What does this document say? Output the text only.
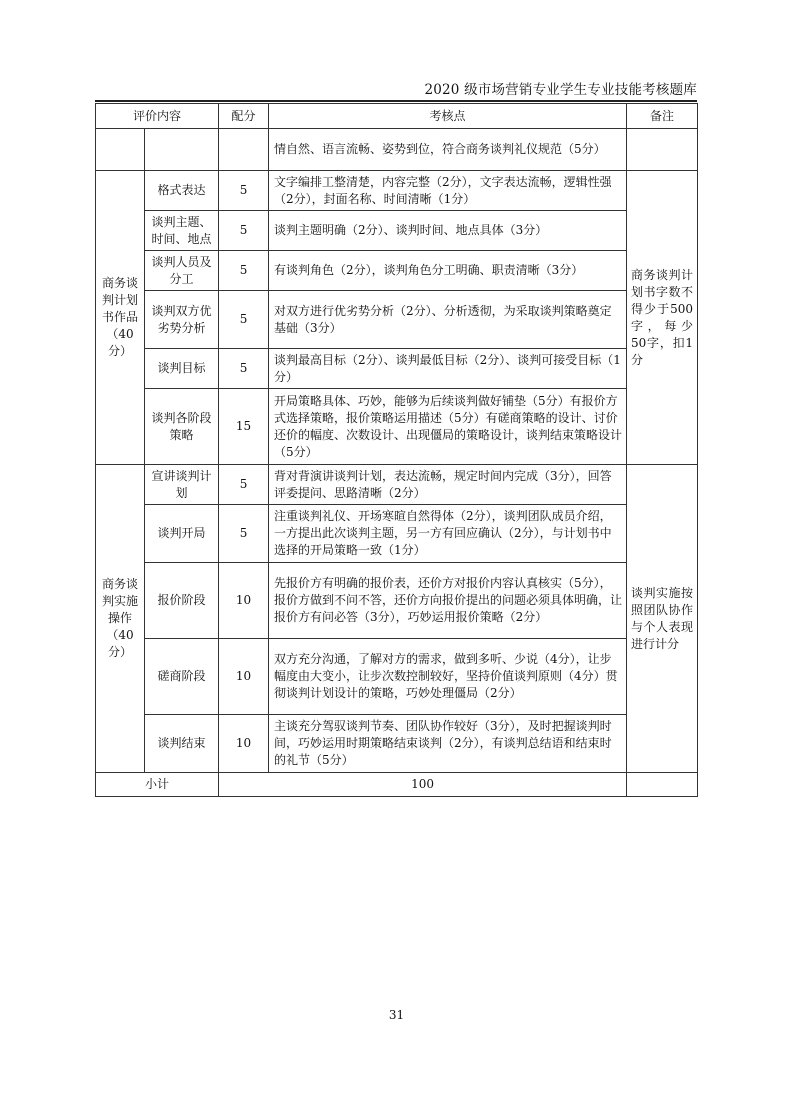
2020 级市场营销专业学生专业技能考核题库
评价内容		配分	考核点	备注
			情自然、语言流畅、姿势到位，符合商务谈判礼仪规范（5分）	
商务谈判计划书作品（40分）	格式表达	5	文字编排工整清楚，内容完整（2分），文字表达流畅，逻辑性强（2分），封面名称、时间清晰（1分）	商务谈判计划书字数不得少于500字，每少50字，扣1分
	谈判主题、时间、地点	5	谈判主题明确（2分）、谈判时间、地点具体（3分）	
	谈判人员及分工	5	有谈判角色（2分），谈判角色分工明确、职责清晰（3分）	
	谈判双方优劣势分析	5	对双方进行优劣势分析（2分）、分析透彻，为采取谈判策略奠定基础（3分）	
	谈判目标	5	谈判最高目标（2分）、谈判最低目标（2分）、谈判可接受目标（1分）	
	谈判各阶段策略	15	开局策略具体、巧妙，能够为后续谈判做好铺垫（5分）有报价方式选择策略，报价策略运用描述（5分）有磋商策略的设计、讨价还价的幅度、次数设计、出现僵局的策略设计，谈判结束策略设计（5分）	
商务谈判实施操作（40分）	宣讲谈判计划	5	背对背演讲谈判计划，表达流畅，规定时间内完成（3分），回答评委提问、思路清晰（2分）	谈判实施按照团队协作与个人表现进行计分
	谈判开局	5	注重谈判礼仪、开场寒暄自然得体（2分），谈判团队成员介绍，一方提出此次谈判主题，另一方有回应确认（2分），与计划书中选择的开局策略一致（1分）	
	报价阶段	10	先报价方有明确的报价表，还价方对报价内容认真核实（5分），报价方做到不问不答，还价方向报价提出的问题必须具体明确，让报价方有问必答（3分），巧妙运用报价策略（2分）	
	磋商阶段	10	双方充分沟通，了解对方的需求，做到多听、少说（4分），让步幅度由大变小，让步次数控制较好，坚持价值谈判原则（4分）贯彻谈判计划设计的策略，巧妙处理僵局（2分）	
	谈判结束	10	主谈充分驾驭谈判节奏、团队协作较好（3分），及时把握谈判时间，巧妙运用时期策略结束谈判（2分），有谈判总结语和结束时的礼节（5分）	
小计		100		
31
